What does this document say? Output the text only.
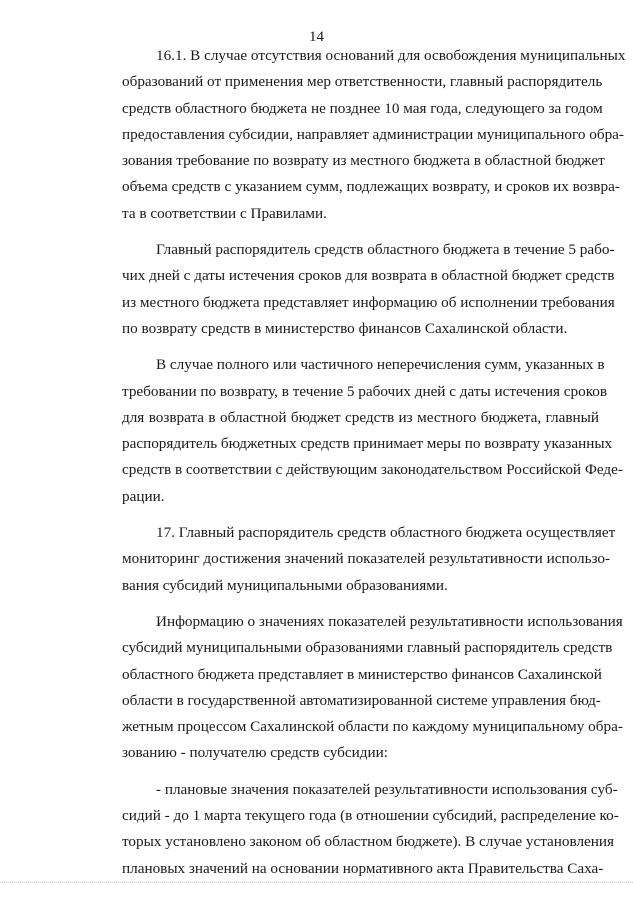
14
16.1. В случае отсутствия оснований для освобождения муниципальных
образований от применения мер ответственности, главный распорядитель
средств областного бюджета не позднее 10 мая года, следующего за годом
предоставления субсидии, направляет администрации муниципального обра-
зования требование по возврату из местного бюджета в областной бюджет
объема средств с указанием сумм, подлежащих возврату, и сроков их возвра-
та в соответствии с Правилами.
Главный распорядитель средств областного бюджета в течение 5 рабо-
чих дней с даты истечения сроков для возврата в областной бюджет средств
из местного бюджета представляет информацию об исполнении требования
по возврату средств в министерство финансов Сахалинской области.
В случае полного или частичного неперечисления сумм, указанных в
требовании по возврату, в течение 5 рабочих дней с даты истечения сроков
для возврата в областной бюджет средств из местного бюджета, главный
распорядитель бюджетных средств принимает меры по возврату указанных
средств в соответствии с действующим законодательством Российской Феде-
рации.
17. Главный распорядитель средств областного бюджета осуществляет
мониторинг достижения значений показателей результативности использо-
вания субсидий муниципальными образованиями.
Информацию о значениях показателей результативности использования
субсидий муниципальными образованиями главный распорядитель средств
областного бюджета представляет в министерство финансов Сахалинской
области в государственной автоматизированной системе управления бюд-
жетным процессом Сахалинской области по каждому муниципальному обра-
зованию - получателю средств субсидии:
- плановые значения показателей результативности использования суб-
сидий - до 1 марта текущего года (в отношении субсидий, распределение ко-
торых установлено законом об областном бюджете). В случае установления
плановых значений на основании нормативного акта Правительства Саха-
